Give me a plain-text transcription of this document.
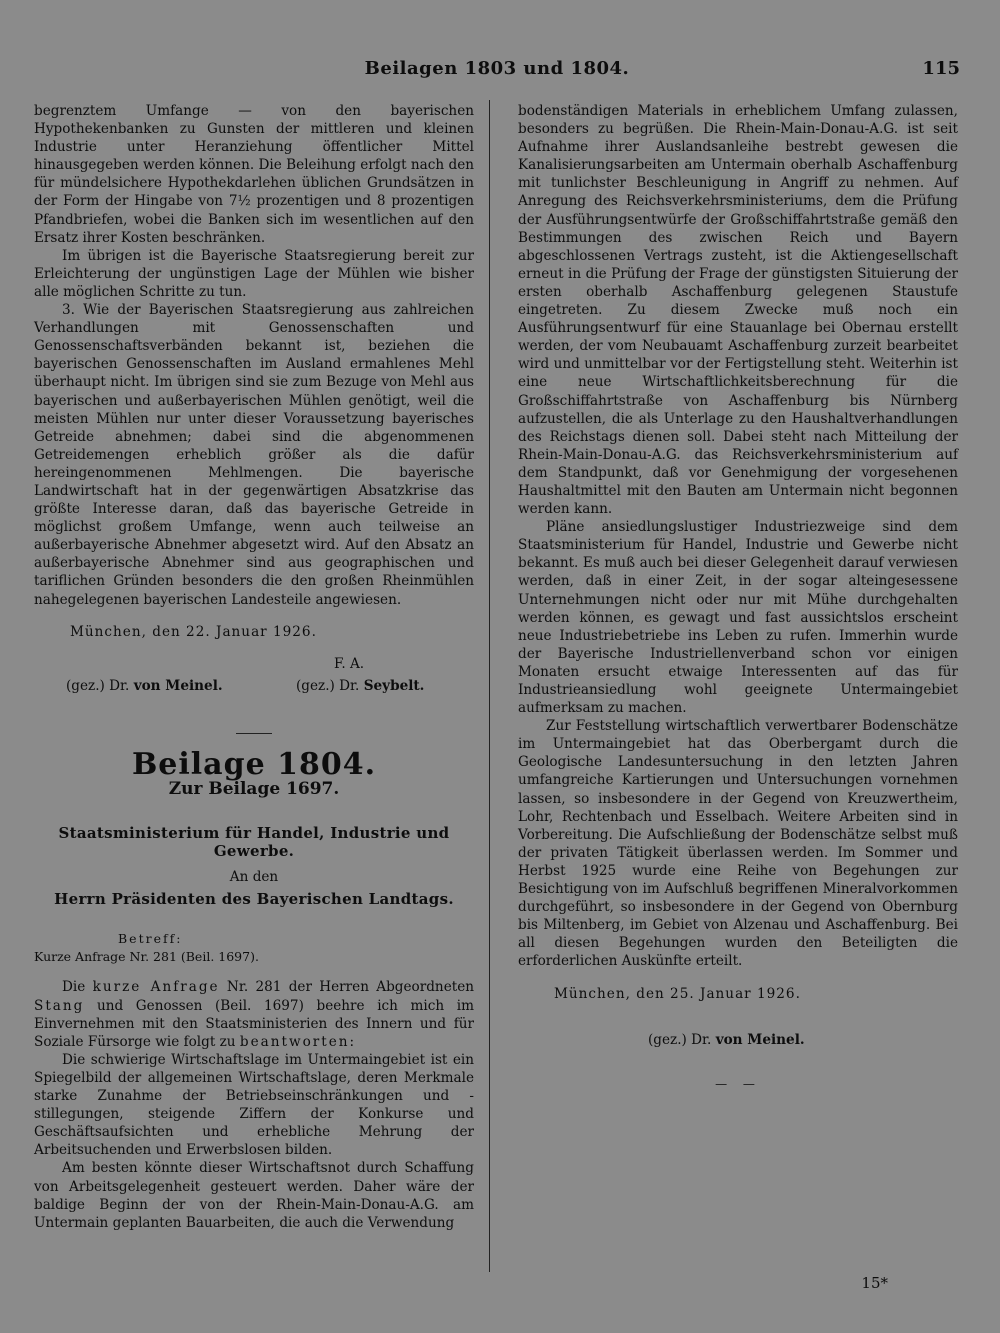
Beilagen 1803 und 1804.	115

begrenztem Umfange — von den bayerischen Hypothekenbanken zu Gunsten der mittleren und kleinen Industrie unter Heranziehung öffentlicher Mittel hinausgegeben werden können. Die Beleihung erfolgt nach den für mündelsichere Hypothekdarlehen üblichen Grundsätzen in der Form der Hingabe von 7½ prozentigen und 8 prozentigen Pfandbriefen, wobei die Banken sich im wesentlichen auf den Ersatz ihrer Kosten beschränken.

Im übrigen ist die Bayerische Staatsregierung bereit zur Erleichterung der ungünstigen Lage der Mühlen wie bisher alle möglichen Schritte zu tun.

3. Wie der Bayerischen Staatsregierung aus zahlreichen Verhandlungen mit Genossenschaften und Genossenschaftsverbänden bekannt ist, beziehen die bayerischen Genossenschaften im Ausland ermahlenes Mehl überhaupt nicht. Im übrigen sind sie zum Bezuge von Mehl aus bayerischen und außerbayerischen Mühlen genötigt, weil die meisten Mühlen nur unter dieser Voraussetzung bayerisches Getreide abnehmen; dabei sind die abgenommenen Getreidemengen erheblich größer als die dafür hereingenommenen Mehlmengen. Die bayerische Landwirtschaft hat in der gegenwärtigen Absatzkrise das größte Interesse daran, daß das bayerische Getreide in möglichst großem Umfange, wenn auch teilweise an außerbayerische Abnehmer abgesetzt wird. Auf den Absatz an außerbayerische Abnehmer sind aus geographischen und tariflichen Gründen besonders die den großen Rheinmühlen nahegelegenen bayerischen Landesteile angewiesen.

München, den 22. Januar 1926.

F. A.
(gez.) Dr. von Meinel.	(gez.) Dr. Seybelt.
Beilage 1804.
Zur Beilage 1697.
Staatsministerium für Handel, Industrie und Gewerbe.
An den
Herrn Präsidenten des Bayerischen Landtags.

Betreff:

Kurze Anfrage Nr. 281 (Beil. 1697).

Die kurze Anfrage Nr. 281 der Herren Abgeordneten Stang und Genossen (Beil. 1697) beehre ich mich im Einvernehmen mit den Staatsministerien des Innern und für Soziale Fürsorge wie folgt zu beantworten:

Die schwierige Wirtschaftslage im Untermaingebiet ist ein Spiegelbild der allgemeinen Wirtschaftslage, deren Merkmale starke Zunahme der Betriebseinschränkungen und -stillegungen, steigende Ziffern der Konkurse und Geschäftsaufsichten und erhebliche Mehrung der Arbeitsuchenden und Erwerbslosen bilden.

Am besten könnte dieser Wirtschaftsnot durch Schaffung von Arbeitsgelegenheit gesteuert werden. Daher wäre der baldige Beginn der von der Rhein-Main-Donau-A.G. am Untermain geplanten Bauarbeiten, die auch die Verwendung

bodenständigen Materials in erheblichem Umfang zulassen, besonders zu begrüßen. Die Rhein-Main-Donau-A.G. ist seit Aufnahme ihrer Auslandsanleihe bestrebt gewesen die Kanalisierungsarbeiten am Untermain oberhalb Aschaffenburg mit tunlichster Beschleunigung in Angriff zu nehmen. Auf Anregung des Reichsverkehrsministeriums, dem die Prüfung der Ausführungsentwürfe der Großschiffahrtstraße gemäß den Bestimmungen des zwischen Reich und Bayern abgeschlossenen Vertrags zusteht, ist die Aktiengesellschaft erneut in die Prüfung der Frage der günstigsten Situierung der ersten oberhalb Aschaffenburg gelegenen Staustufe eingetreten. Zu diesem Zwecke muß noch ein Ausführungsentwurf für eine Stauanlage bei Obernau erstellt werden, der vom Neubauamt Aschaffenburg zurzeit bearbeitet wird und unmittelbar vor der Fertigstellung steht. Weiterhin ist eine neue Wirtschaftlichkeitsberechnung für die Großschiffahrtstraße von Aschaffenburg bis Nürnberg aufzustellen, die als Unterlage zu den Haushaltverhandlungen des Reichstags dienen soll. Dabei steht nach Mitteilung der Rhein-Main-Donau-A.G. das Reichsverkehrsministerium auf dem Standpunkt, daß vor Genehmigung der vorgesehenen Haushaltmittel mit den Bauten am Untermain nicht begonnen werden kann.

Pläne ansiedlungslustiger Industriezweige sind dem Staatsministerium für Handel, Industrie und Gewerbe nicht bekannt. Es muß auch bei dieser Gelegenheit darauf verwiesen werden, daß in einer Zeit, in der sogar alteingesessene Unternehmungen nicht oder nur mit Mühe durchgehalten werden können, es gewagt und fast aussichtslos erscheint neue Industriebetriebe ins Leben zu rufen. Immerhin wurde der Bayerische Industriellenverband schon vor einigen Monaten ersucht etwaige Interessenten auf das für Industrieansiedlung wohl geeignete Untermaingebiet aufmerksam zu machen.

Zur Feststellung wirtschaftlich verwertbarer Bodenschätze im Untermaingebiet hat das Oberbergamt durch die Geologische Landesuntersuchung in den letzten Jahren umfangreiche Kartierungen und Untersuchungen vornehmen lassen, so insbesondere in der Gegend von Kreuzwertheim, Lohr, Rechtenbach und Esselbach. Weitere Arbeiten sind in Vorbereitung. Die Aufschließung der Bodenschätze selbst muß der privaten Tätigkeit überlassen werden. Im Sommer und Herbst 1925 wurde eine Reihe von Begehungen zur Besichtigung von im Aufschluß begriffenen Mineralvorkommen durchgeführt, so insbesondere in der Gegend von Obernburg bis Miltenberg, im Gebiet von Alzenau und Aschaffenburg. Bei all diesen Begehungen wurden den Beteiligten die erforderlichen Auskünfte erteilt.

München, den 25. Januar 1926.

(gez.) Dr. von Meinel.

— —
15*
